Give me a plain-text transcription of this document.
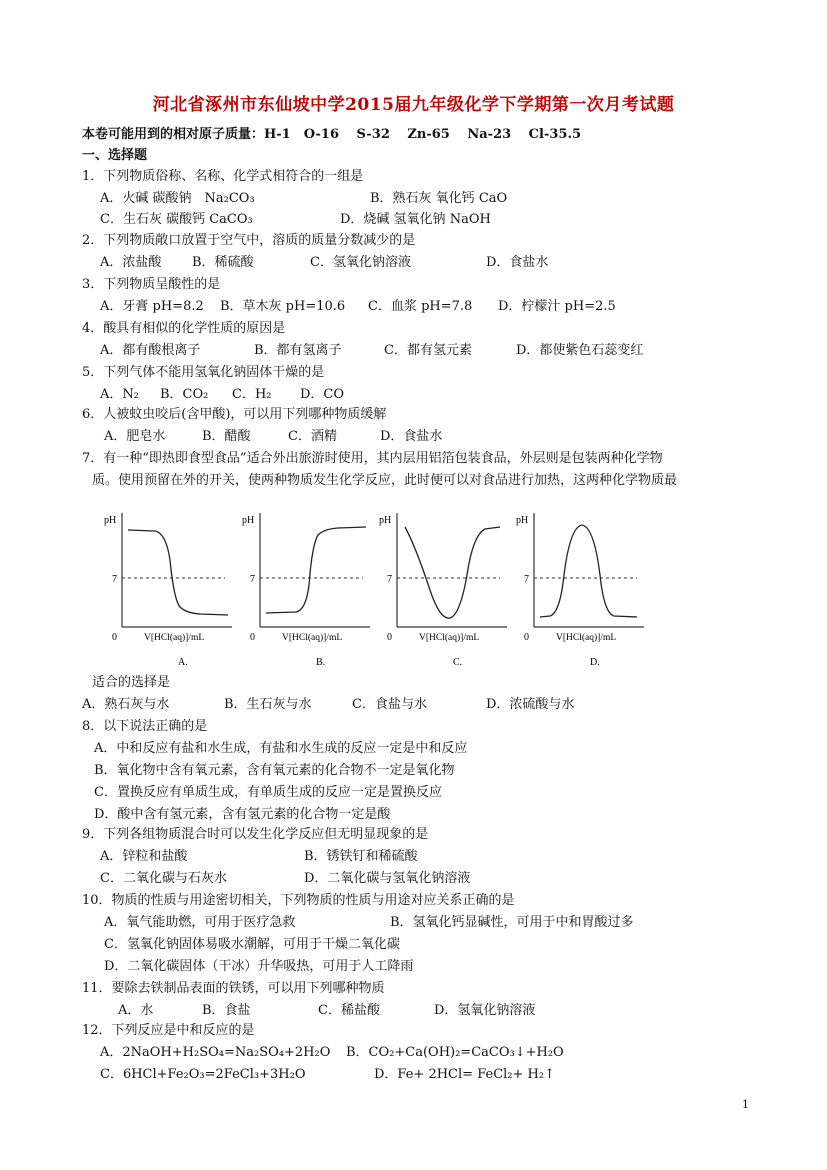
河北省涿州市东仙坡中学2015届九年级化学下学期第一次月考试题
本卷可能用到的相对原子质量：H-1　O-16　 S-32　 Zn-65　 Na-23　 Cl-35.5
一、选择题
1．下列物质俗称、名称、化学式相符合的一组是
A．火碱 碳酸钠　Na₂CO₃	B．熟石灰 氧化钙 CaO
C．生石灰 碳酸钙 CaCO₃	D．烧碱 氢氧化钠 NaOH
2．下列物质敞口放置于空气中，溶质的质量分数减少的是
A．浓盐酸 B．稀硫酸	C．氢氧化钠溶液	D．食盐水
3．下列物质呈酸性的是
A．牙膏 pH=8.2 B．草木灰 pH=10.6 C．血浆 pH=7.8 D．柠檬汁 pH=2.5
4．酸具有相似的化学性质的原因是
A．都有酸根离子	B．都有氢离子	C．都有氢元素	D．都使紫色石蕊变红
5．下列气体不能用氢氧化钠固体干燥的是
A．N₂ B．CO₂ C．H₂ D．CO
6．人被蚊虫咬后(含甲酸)，可以用下列哪种物质缓解
A．肥皂水	B．醋酸	C．酒精	D．食盐水
7．有一种“即热即食型食品”适合外出旅游时使用，其内层用铝箔包装食品，外层则是包装两种化学物
质。使用预留在外的开关，使两种物质发生化学反应，此时便可以对食品进行加热，这两种化学物质最
pH
7
0	V[HCl(aq)]/mL
A.
pH
7
0	V[HCl(aq)]/mL
B.
pH
7
0	V[HCl(aq)]/mL
C.
pH
7
0	V[HCl(aq)]/mL
D.
适合的选择是
A．熟石灰与水	B．生石灰与水	C．食盐与水	D．浓硫酸与水
8．以下说法正确的是
A．中和反应有盐和水生成，有盐和水生成的反应一定是中和反应
B．氧化物中含有氧元素，含有氧元素的化合物不一定是氧化物
C．置换反应有单质生成，有单质生成的反应一定是置换反应
D．酸中含有氢元素，含有氢元素的化合物一定是酸
9．下列各组物质混合时可以发生化学反应但无明显现象的是
A．锌粒和盐酸	B．锈铁钉和稀硫酸
C．二氧化碳与石灰水	D．二氧化碳与氢氧化钠溶液
10．物质的性质与用途密切相关，下列物质的性质与用途对应关系正确的是
A．氧气能助燃，可用于医疗急救	B．氢氧化钙显碱性，可用于中和胃酸过多
C．氢氧化钠固体易吸水潮解，可用于干燥二氧化碳
D．二氧化碳固体（干冰）升华吸热，可用于人工降雨
11．要除去铁制品表面的铁锈，可以用下列哪种物质
A．水	B．食盐	C．稀盐酸	D．氢氧化钠溶液
12．下列反应是中和反应的是
A．2NaOH+H₂SO₄=Na₂SO₄+2H₂O B．CO₂+Ca(OH)₂=CaCO₃↓+H₂O
C．6HCl+Fe₂O₃=2FeCl₃+3H₂O	D．Fe+ 2HCl= FeCl₂+ H₂↑
1
